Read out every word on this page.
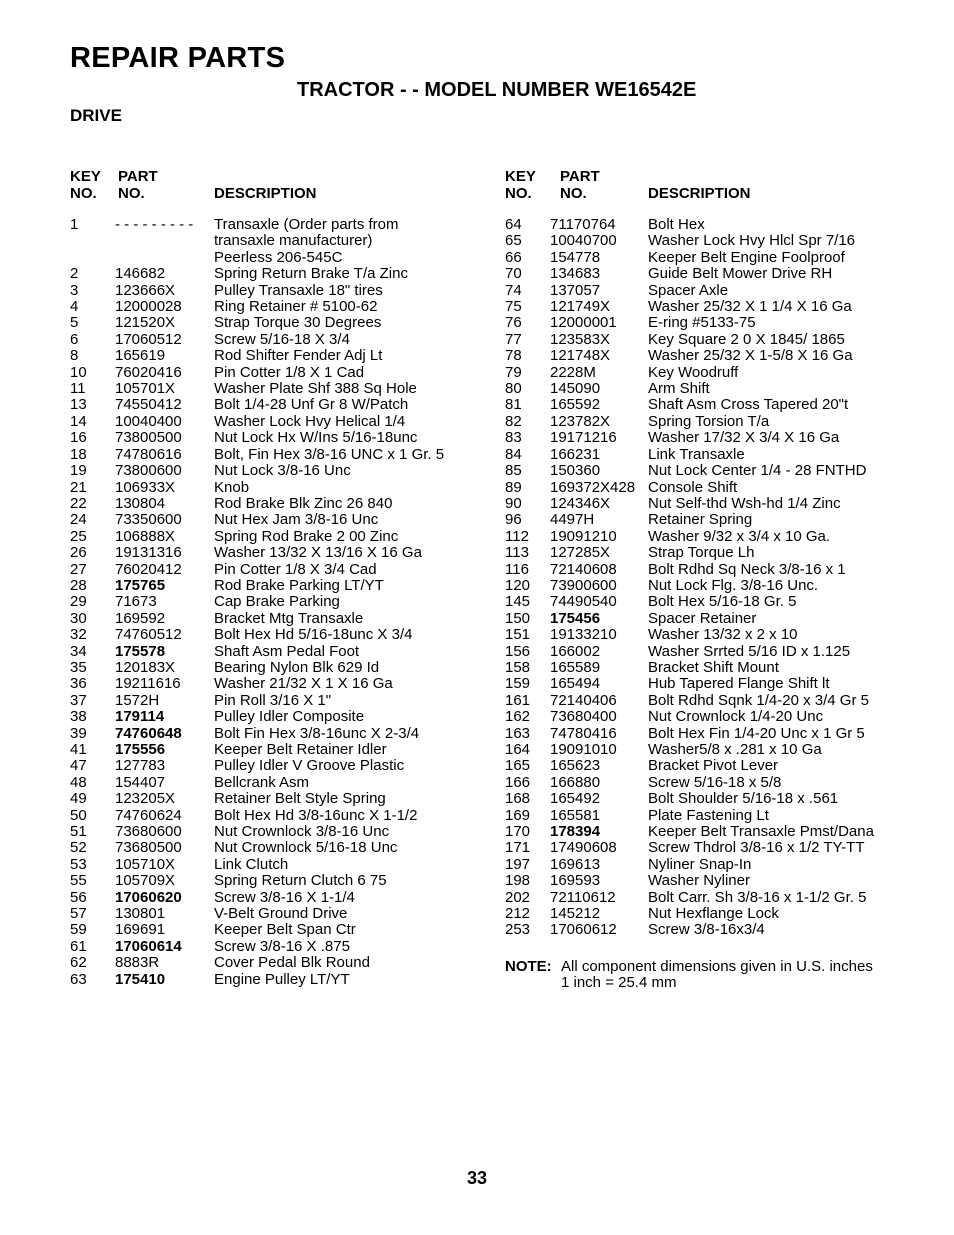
REPAIR PARTS
TRACTOR - - MODEL NUMBER WE16542E
DRIVE
KEY
NO.
PART
NO.	DESCRIPTION
1 - - - - - - - - - Transaxle (Order parts from
transaxle manufacturer)
Peerless 206-545C
2 146682	Spring Return Brake T/a Zinc
3 123666X	Pulley Transaxle 18" tires
4 12000028 Ring Retainer # 5100-62
5 121520X	Strap Torque 30 Degrees
6 17060512 Screw 5/16-18 X 3/4
8 165619	Rod Shifter Fender Adj Lt
10 76020416 Pin Cotter 1/8 X 1 Cad
11 105701X	Washer Plate Shf 388 Sq Hole
13 74550412 Bolt 1/4-28 Unf Gr 8 W/Patch
14 10040400 Washer Lock Hvy Helical 1/4
16 73800500 Nut Lock Hx W/Ins 5/16-18unc
18 74780616 Bolt, Fin Hex 3/8-16 UNC x 1 Gr. 5
19 73800600 Nut Lock 3/8-16 Unc
21 106933X	Knob
22 130804	Rod Brake Blk Zinc 26 840
24 73350600 Nut Hex Jam 3/8-16 Unc
25 106888X	Spring Rod Brake 2 00 Zinc
26 19131316 Washer 13/32 X 13/16 X 16 Ga
27 76020412 Pin Cotter 1/8 X 3/4 Cad
28 175765	Rod Brake Parking LT/YT
29 71673	Cap Brake Parking
30 169592	Bracket Mtg Transaxle
32 74760512 Bolt Hex Hd 5/16-18unc X 3/4
34 175578	Shaft Asm Pedal Foot
35 120183X	Bearing Nylon Blk 629 Id
36 19211616 Washer 21/32 X 1 X 16 Ga
37 1572H	Pin Roll 3/16 X 1"
38 179114	Pulley Idler Composite
39 74760648 Bolt Fin Hex 3/8-16unc X 2-3/4
41 175556	Keeper Belt Retainer Idler
47 127783	Pulley Idler V Groove Plastic
48 154407	Bellcrank Asm
49 123205X	Retainer Belt Style Spring
50 74760624 Bolt Hex Hd 3/8-16unc X 1-1/2
51 73680600 Nut Crownlock 3/8-16 Unc
52 73680500 Nut Crownlock 5/16-18 Unc
53 105710X	Link Clutch
55 105709X	Spring Return Clutch 6 75
56 17060620 Screw 3/8-16 X 1-1/4
57 130801	V-Belt Ground Drive
59 169691	Keeper Belt Span Ctr
61 17060614 Screw 3/8-16 X .875
62 8883R	Cover Pedal Blk Round
63 175410	Engine Pulley LT/YT
KEY
NO.
PART
NO.	DESCRIPTION
64 71170764 Bolt Hex
65 10040700 Washer Lock Hvy Hlcl Spr 7/16
66 154778	Keeper Belt Engine Foolproof
70 134683	Guide Belt Mower Drive RH
74 137057	Spacer Axle
75 121749X	Washer 25/32 X 1 1/4 X 16 Ga
76 12000001 E-ring #5133-75
77 123583X	Key Square 2 0 X 1845/ 1865
78 121748X	Washer 25/32 X 1-5/8 X 16 Ga
79 2228M	Key Woodruff
80 145090	Arm Shift
81 165592	Shaft Asm Cross Tapered 20"t
82 123782X	Spring Torsion T/a
83 19171216 Washer 17/32 X 3/4 X 16 Ga
84 166231	Link Transaxle
85 150360	Nut Lock Center 1/4 - 28 FNTHD
89 169372X428 Console Shift
90 124346X	Nut Self-thd Wsh-hd 1/4 Zinc
96 4497H	Retainer Spring
112 19091210 Washer 9/32 x 3/4 x 10 Ga.
113 127285X	Strap Torque Lh
116 72140608 Bolt Rdhd Sq Neck 3/8-16 x 1
120 73900600 Nut Lock Flg. 3/8-16 Unc.
145 74490540 Bolt Hex 5/16-18 Gr. 5
150 175456	Spacer Retainer
151 19133210 Washer 13/32 x 2 x 10
156 166002	Washer Srrted 5/16 ID x 1.125
158 165589	Bracket Shift Mount
159 165494	Hub Tapered Flange Shift lt
161 72140406 Bolt Rdhd Sqnk 1/4-20 x 3/4 Gr 5
162 73680400 Nut Crownlock 1/4-20 Unc
163 74780416 Bolt Hex Fin 1/4-20 Unc x 1 Gr 5
164 19091010 Washer5/8 x .281 x 10 Ga
165 165623	Bracket Pivot Lever
166 166880	Screw 5/16-18 x 5/8
168 165492	Bolt Shoulder 5/16-18 x .561
169 165581	Plate Fastening Lt
170 178394	Keeper Belt Transaxle Pmst/Dana
171 17490608 Screw Thdrol 3/8-16 x 1/2 TY-TT
197 169613	Nyliner Snap-In
198 169593	Washer Nyliner
202 72110612 Bolt Carr. Sh 3/8-16 x 1-1/2 Gr. 5
212 145212	Nut Hexflange Lock
253 17060612 Screw 3/8-16x3/4
NOTE: All component dimensions given in U.S. inches
1 inch = 25.4 mm
33
